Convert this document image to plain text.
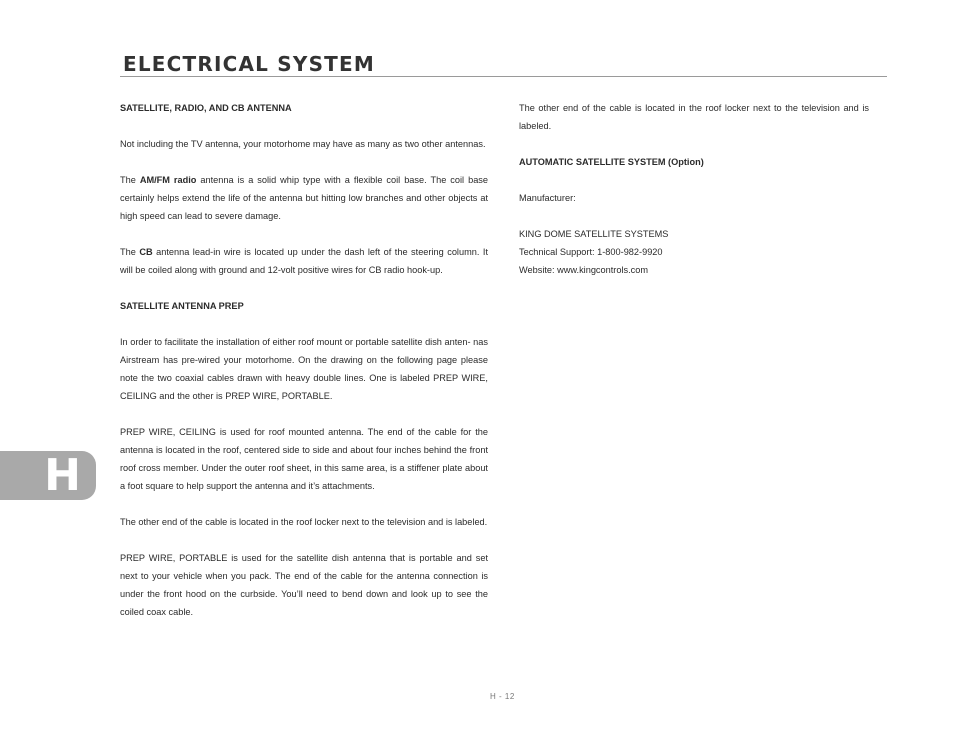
ELECTRICAL SYSTEM
SATELLITE, RADIO, AND CB ANTENNA

Not including the TV antenna, your motorhome may have as many as two other antennas.

The AM/FM radio antenna is a solid whip type with a flexible coil base. The coil base certainly helps extend the life of the antenna but hitting low branches and other objects at high speed can lead to severe damage.

The CB antenna lead-in wire is located up under the dash left of the steering column. It will be coiled along with ground and 12-volt positive wires for CB radio hook-up.

SATELLITE ANTENNA PREP

In order to facilitate the installation of either roof mount or portable satellite dish anten- nas Airstream has pre-wired your motorhome. On the drawing on the following page please note the two coaxial cables drawn with heavy double lines. One is labeled PREP WIRE, CEILING and the other is PREP WIRE, PORTABLE.

PREP WIRE, CEILING is used for roof mounted antenna. The end of the cable for the antenna is located in the roof, centered side to side and about four inches behind the front roof cross member. Under the outer roof sheet, in this same area, is a stiffener plate about a foot square to help support the antenna and it’s attachments.

The other end of the cable is located in the roof locker next to the television and is labeled.

PREP WIRE, PORTABLE is used for the satellite dish antenna that is portable and set next to your vehicle when you pack. The end of the cable for the antenna connection is under the front hood on the curbside. You’ll need to bend down and look up to see the coiled coax cable.

The other end of the cable is located in the roof locker next to the television and is labeled.

AUTOMATIC SATELLITE SYSTEM (Option)

Manufacturer:

KING DOME SATELLITE SYSTEMS

Technical Support: 1-800-982-9920

Website: www.kingcontrols.com

H
H - 12
